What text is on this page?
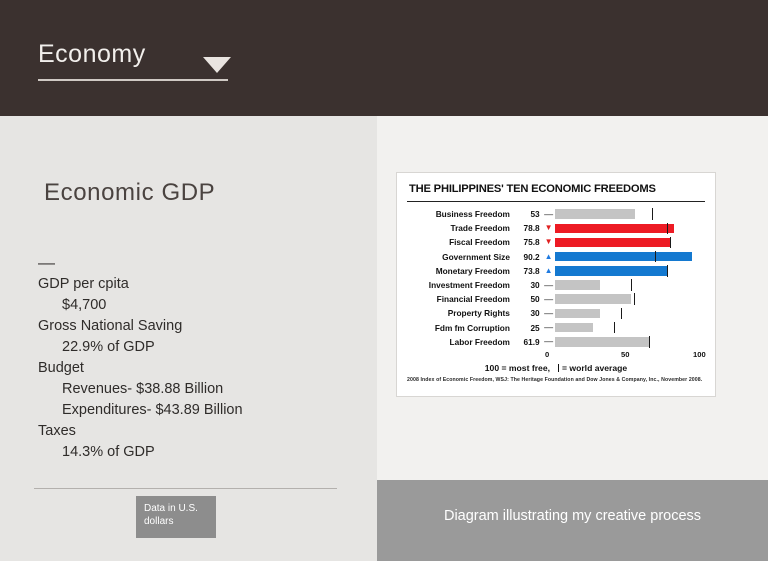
Economy
Economic GDP
—
GDP per cpita
$4,700
Gross National Saving
22.9% of GDP
Budget
Revenues- $38.88 Billion
Expenditures- $43.89 Billion
Taxes
14.3% of GDP
Data in U.S. dollars
THE PHILIPPINES' TEN ECONOMIC FREEDOMS
Business Freedom	53 —
Trade Freedom	78.8 ▼
Fiscal Freedom	75.8 ▼
Government Size	90.2 ▲
Monetary Freedom	73.8 ▲
Investment Freedom	30 —
Financial Freedom	50 —
Property Rights	30 —
Fdm fm Corruption	25 —
Labor Freedom	61.9 —
0	50	100
100 = most free, = world average
2008 Index of Economic Freedom, WSJ: The Heritage Foundation and Dow Jones & Company, Inc., November 2008.
Diagram illustrating my creative process
